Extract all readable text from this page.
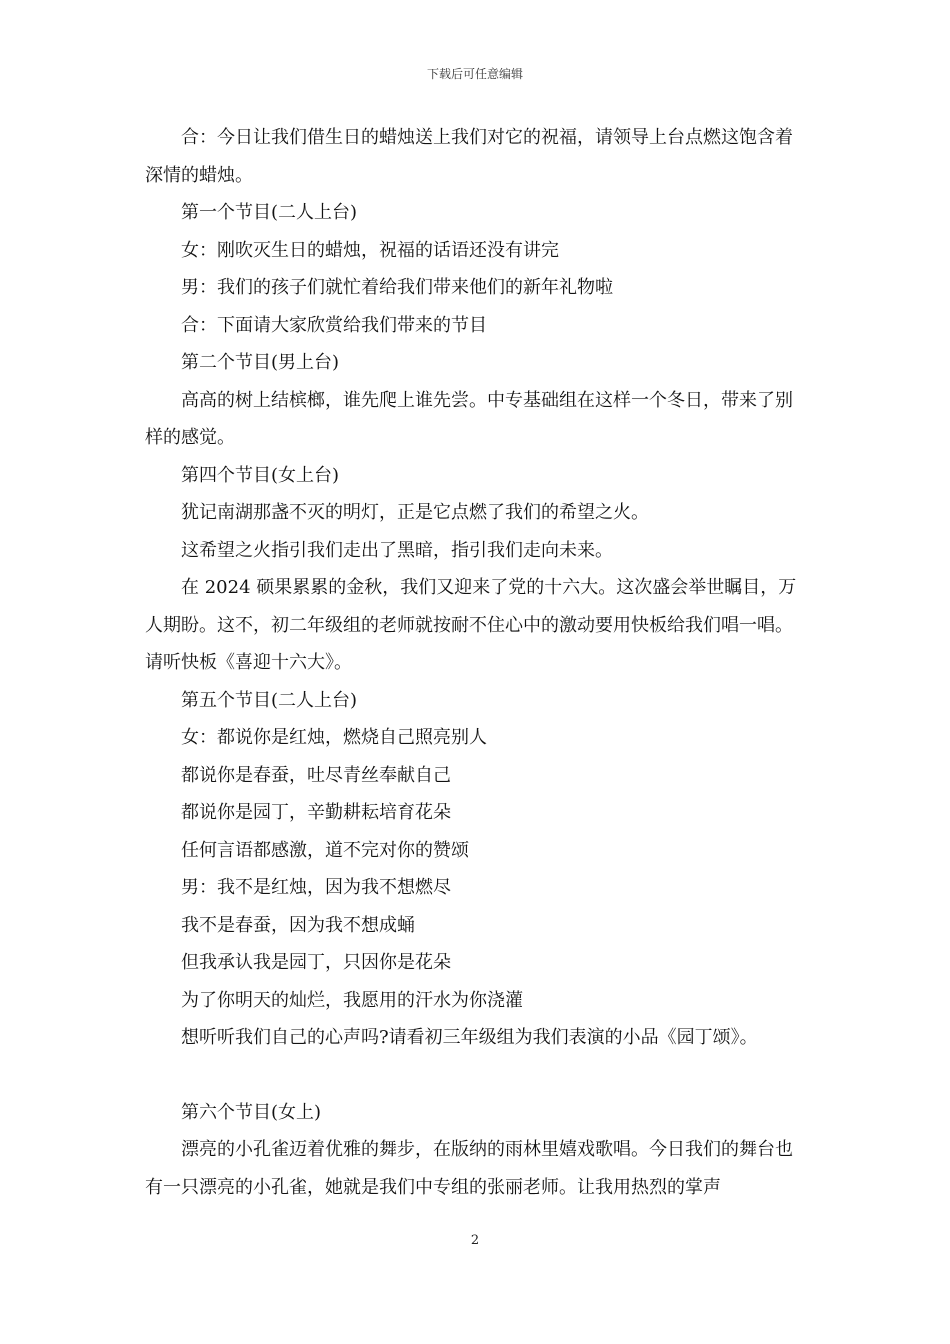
下载后可任意编辑

合：今日让我们借生日的蜡烛送上我们对它的祝福，请领导上台点燃这饱含着深情的蜡烛。

第一个节目(二人上台)

女：刚吹灭生日的蜡烛，祝福的话语还没有讲完

男：我们的孩子们就忙着给我们带来他们的新年礼物啦

合：下面请大家欣赏给我们带来的节目

第二个节目(男上台)

高高的树上结槟榔，谁先爬上谁先尝。中专基础组在这样一个冬日，带来了别样的感觉。

第四个节目(女上台)

犹记南湖那盏不灭的明灯，正是它点燃了我们的希望之火。

这希望之火指引我们走出了黑暗，指引我们走向未来。

在 2024 硕果累累的金秋，我们又迎来了党的十六大。这次盛会举世瞩目，万人期盼。这不，初二年级组的老师就按耐不住心中的激动要用快板给我们唱一唱。请听快板《喜迎十六大》。

第五个节目(二人上台)

女：都说你是红烛，燃烧自己照亮别人

都说你是春蚕，吐尽青丝奉献自己

都说你是园丁，辛勤耕耘培育花朵

任何言语都感激，道不完对你的赞颂

男：我不是红烛，因为我不想燃尽

我不是春蚕，因为我不想成蛹

但我承认我是园丁，只因你是花朵

为了你明天的灿烂，我愿用的汗水为你浇灌

想听听我们自己的心声吗?请看初三年级组为我们表演的小品《园丁颂》。

第六个节目(女上)

漂亮的小孔雀迈着优雅的舞步，在版纳的雨林里嬉戏歌唱。今日我们的舞台也有一只漂亮的小孔雀，她就是我们中专组的张丽老师。让我用热烈的掌声

2
